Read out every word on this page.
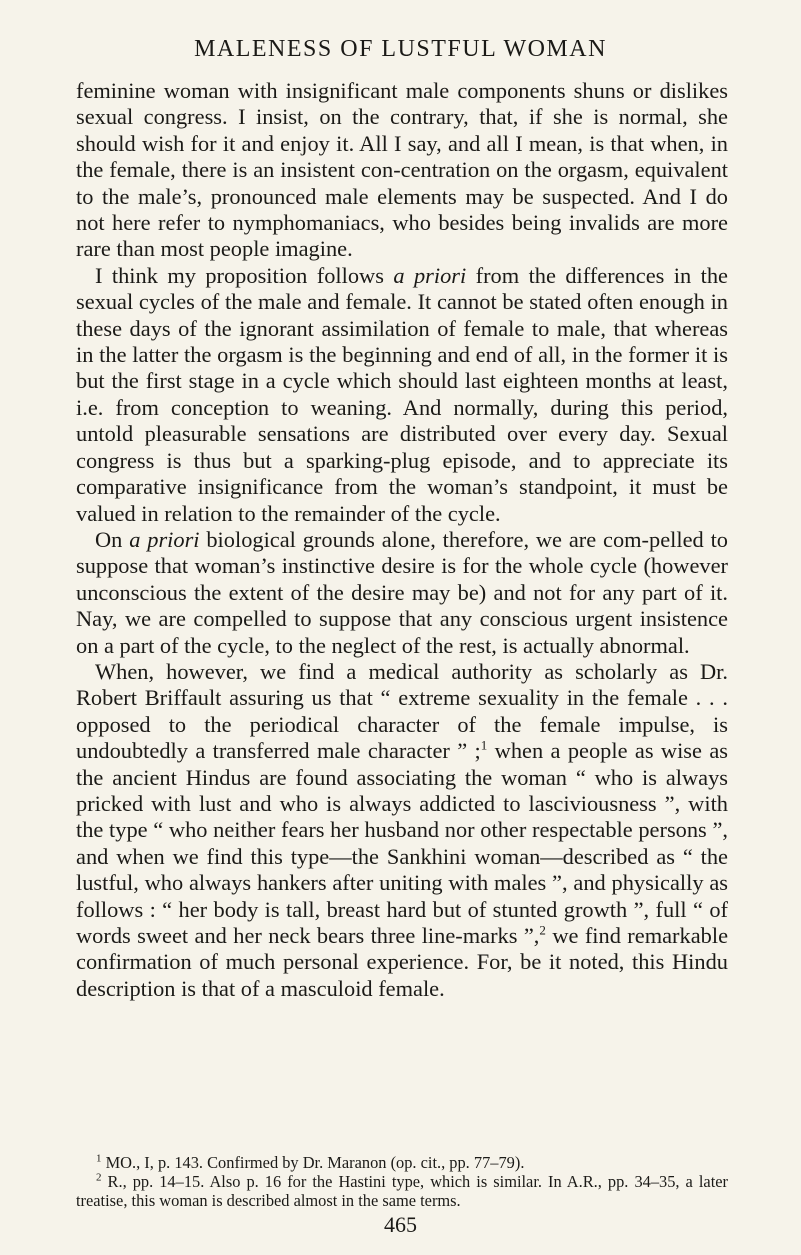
MALENESS OF LUSTFUL WOMAN

feminine woman with insignificant male components shuns or dislikes sexual congress. I insist, on the contrary, that, if she is normal, she should wish for it and enjoy it. All I say, and all I mean, is that when, in the female, there is an insistent con-centration on the orgasm, equivalent to the male’s, pronounced male elements may be suspected. And I do not here refer to nymphomaniacs, who besides being invalids are more rare than most people imagine.

I think my proposition follows a priori from the differences in the sexual cycles of the male and female. It cannot be stated often enough in these days of the ignorant assimilation of female to male, that whereas in the latter the orgasm is the beginning and end of all, in the former it is but the first stage in a cycle which should last eighteen months at least, i.e. from conception to weaning. And normally, during this period, untold pleasurable sensations are distributed over every day. Sexual congress is thus but a sparking-plug episode, and to appreciate its comparative insignificance from the woman’s standpoint, it must be valued in relation to the remainder of the cycle.

On a priori biological grounds alone, therefore, we are com-pelled to suppose that woman’s instinctive desire is for the whole cycle (however unconscious the extent of the desire may be) and not for any part of it. Nay, we are compelled to suppose that any conscious urgent insistence on a part of the cycle, to the neglect of the rest, is actually abnormal.

When, however, we find a medical authority as scholarly as Dr. Robert Briffault assuring us that “ extreme sexuality in the female . . . opposed to the periodical character of the female impulse, is undoubtedly a transferred male character ” ;$^1$ when a people as wise as the ancient Hindus are found associating the woman “ who is always pricked with lust and who is always addicted to lasciviousness ”, with the type “ who neither fears her husband nor other respectable persons ”, and when we find this type—the Sankhini woman—described as “ the lustful, who always hankers after uniting with males ”, and physically as follows : “ her body is tall, breast hard but of stunted growth ”, full “ of words sweet and her neck bears three line-marks ”,$^2$ we find remarkable confirmation of much personal experience. For, be it noted, this Hindu description is that of a masculoid female.

$^1$ MO., I, p. 143. Confirmed by Dr. Maranon (op. cit., pp. 77–79).

$^2$ R., pp. 14–15. Also p. 16 for the Hastini type, which is similar. In A.R., pp. 34–35, a later treatise, this woman is described almost in the same terms.

465
